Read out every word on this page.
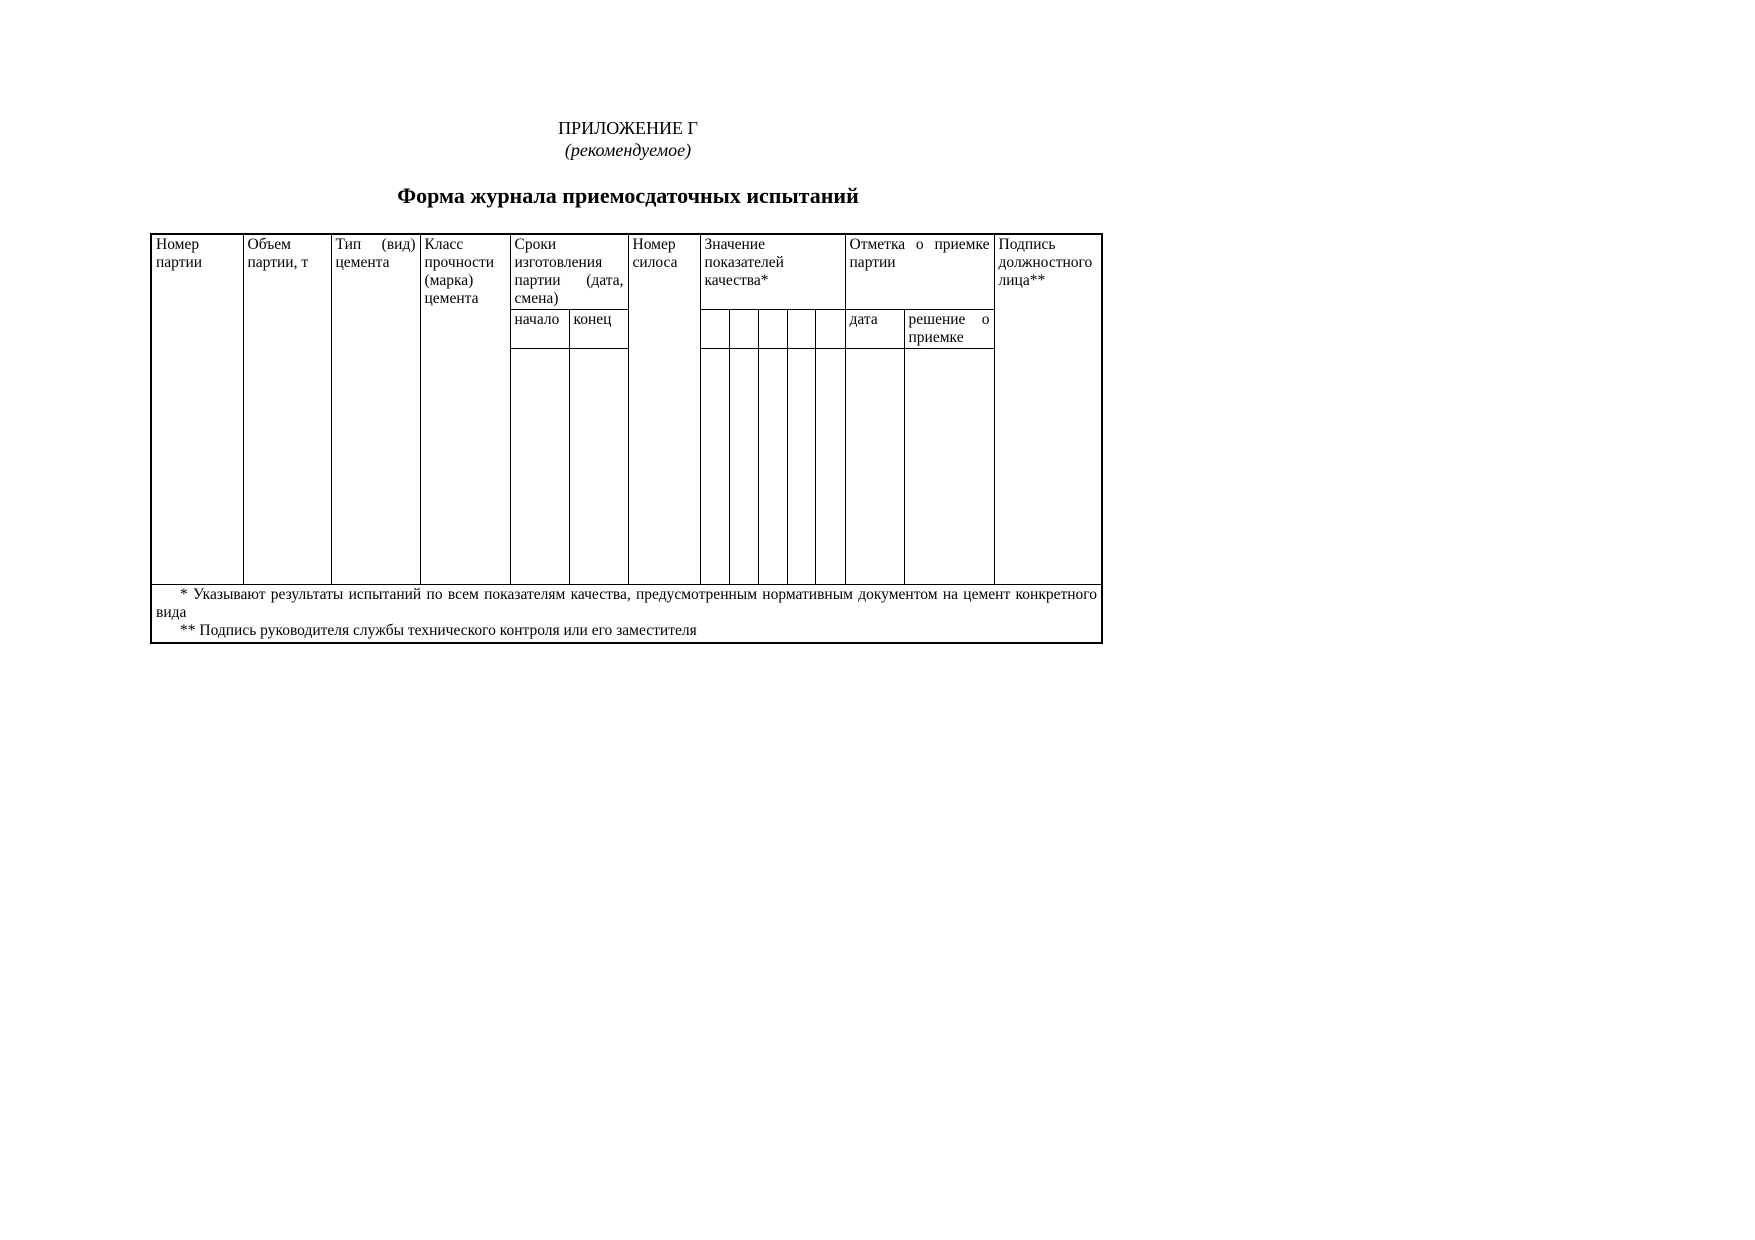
ПРИЛОЖЕНИЕ Г
(рекомендуемое)
Форма журнала приемосдаточных испытаний
Номер партии	Объем партии, т	Тип (вид) цемента	Класс прочности (марка) цемента	Сроки изготовления партии (дата, смена)		Номер силоса	Значение показателей качества*					Отметка о приемке партии		Подпись должностного лица**
				начало	конец							дата	решение о приемке	

* Указывают результаты испытаний по всем показателям качества, предусмотренным нормативным документом на цемент конкретного вида

** Подпись руководителя службы технического контроля или его заместителя														
